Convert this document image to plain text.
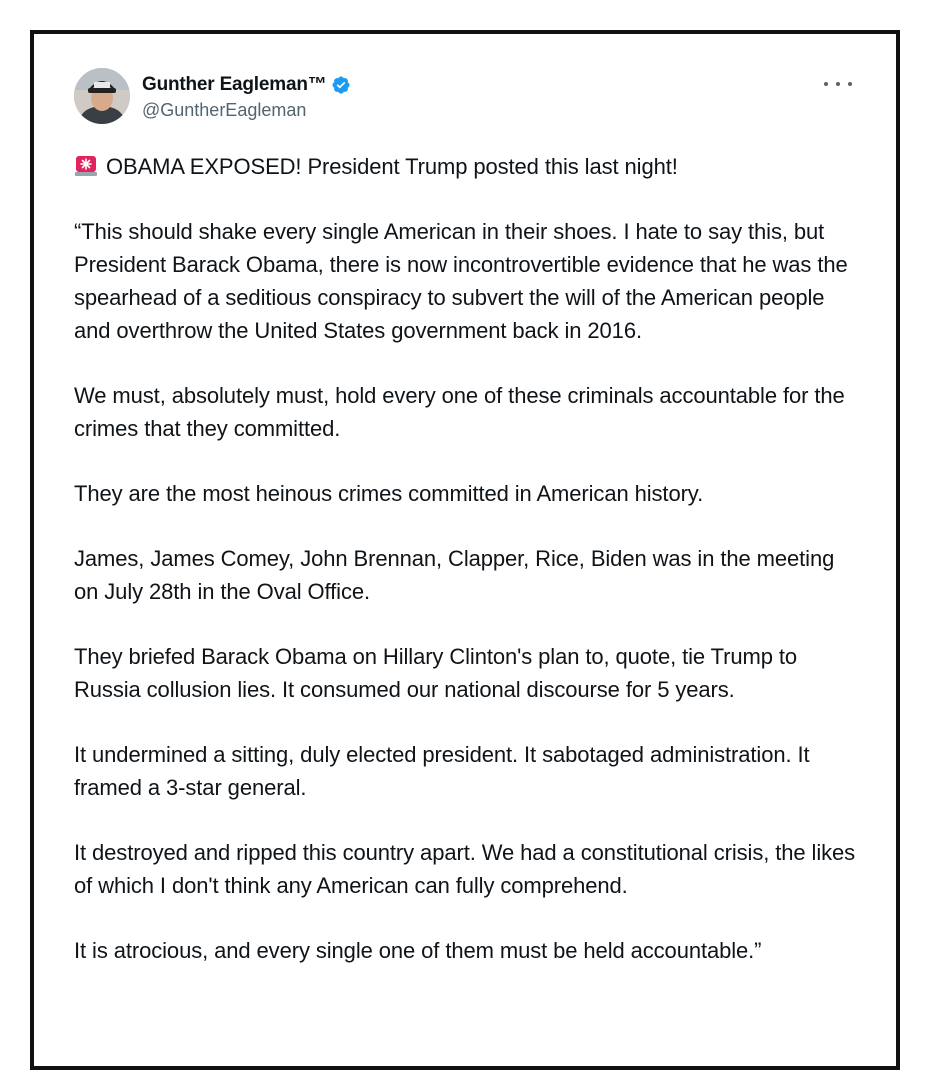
Gunther Eagleman™
@GuntherEagleman

OBAMA EXPOSED! President Trump posted this last night!

“This should shake every single American in their shoes. I hate to say this, but President Barack Obama, there is now incontrovertible evidence that he was the spearhead of a seditious conspiracy to subvert the will of the American people and overthrow the United States government back in 2016.

We must, absolutely must, hold every one of these criminals accountable for the crimes that they committed.

They are the most heinous crimes committed in American history.

James, James Comey, John Brennan, Clapper, Rice, Biden was in the meeting on July 28th in the Oval Office.

They briefed Barack Obama on Hillary Clinton's plan to, quote, tie Trump to Russia collusion lies. It consumed our national discourse for 5 years.

It undermined a sitting, duly elected president. It sabotaged administration. It framed a 3-star general.

It destroyed and ripped this country apart. We had a constitutional crisis, the likes of which I don't think any American can fully comprehend.

It is atrocious, and every single one of them must be held accountable.”
